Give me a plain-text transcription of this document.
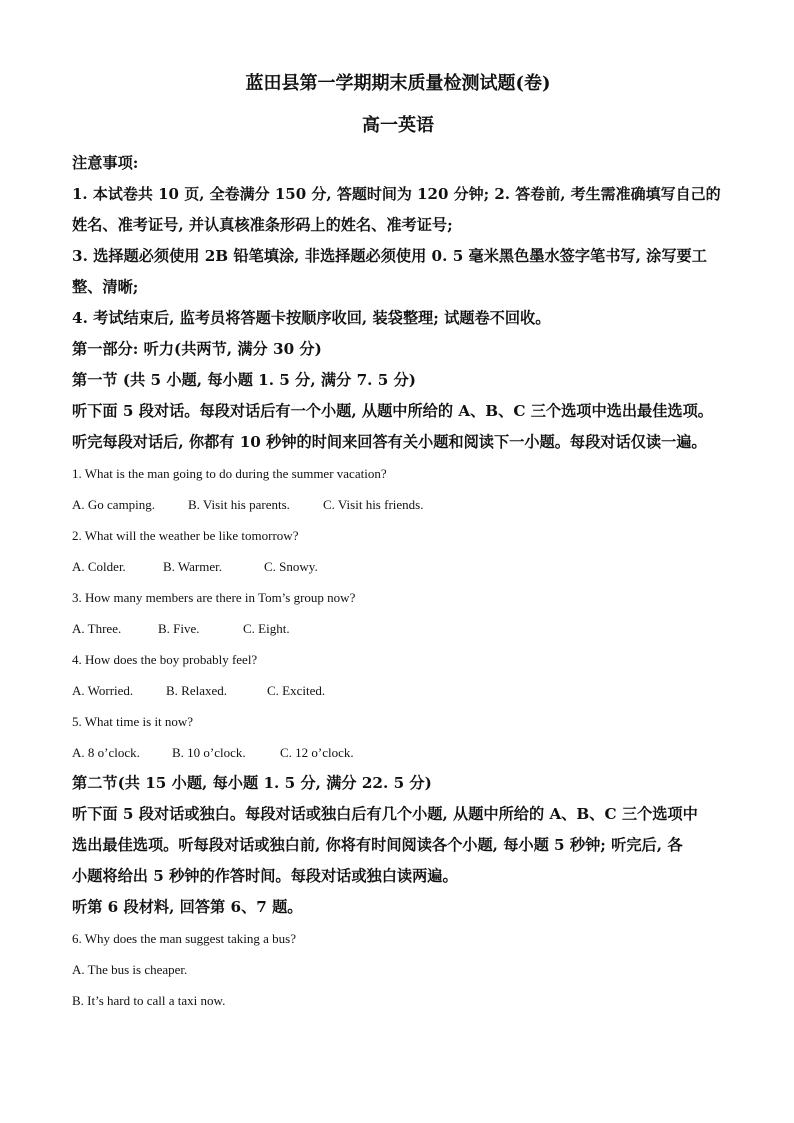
蓝田县第一学期期末质量检测试题(卷)
高一英语
注意事项:
1. 本试卷共 10 页, 全卷满分 150 分, 答题时间为 120 分钟; 2. 答卷前, 考生需准确填写自己的
姓名、准考证号, 并认真核准条形码上的姓名、准考证号;
3. 选择题必须使用 2B 铅笔填涂, 非选择题必须使用 0. 5 毫米黑色墨水签字笔书写, 涂写要工
整、清晰;
4. 考试结束后, 监考员将答题卡按顺序收回, 装袋整理; 试题卷不回收。
第一部分: 听力(共两节, 满分 30 分)
第一节 (共 5 小题, 每小题 1. 5 分, 满分 7. 5 分)
听下面 5 段对话。每段对话后有一个小题, 从题中所给的 A、B、C 三个选项中选出最佳选项。
听完每段对话后, 你都有 10 秒钟的时间来回答有关小题和阅读下一小题。每段对话仅读一遍。
1. What is the man going to do during the summer vacation?
A. Go camping.	B. Visit his parents.	C. Visit his friends.
2. What will the weather be like tomorrow?
A. Colder.	B. Warmer.	C. Snowy.
3. How many members are there in Tom’s group now?
A. Three.	B. Five.	C. Eight.
4. How does the boy probably feel?
A. Worried.	B. Relaxed.	C. Excited.
5. What time is it now?
A. 8 o’clock. B. 10 o’clock.	C. 12 o’clock.
第二节(共 15 小题, 每小题 1. 5 分, 满分 22. 5 分)
听下面 5 段对话或独白。每段对话或独白后有几个小题, 从题中所给的 A、B、C 三个选项中
选出最佳选项。听每段对话或独白前, 你将有时间阅读各个小题, 每小题 5 秒钟; 听完后, 各
小题将给出 5 秒钟的作答时间。每段对话或独白读两遍。
听第 6 段材料, 回答第 6、7 题。
6. Why does the man suggest taking a bus?
A. The bus is cheaper.
B. It’s hard to call a taxi now.
